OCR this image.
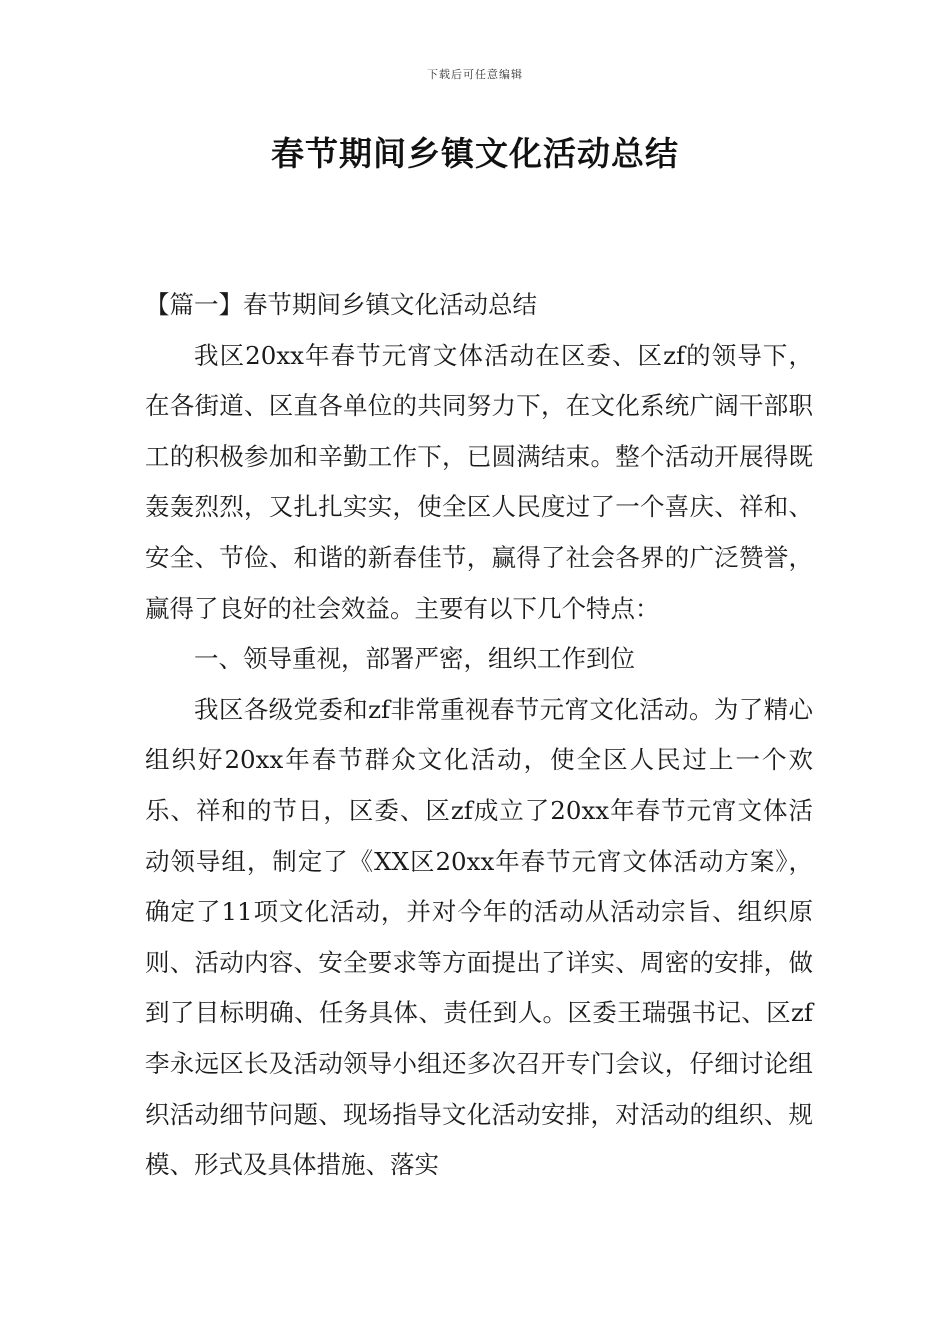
下载后可任意编辑
春节期间乡镇文化活动总结

【篇一】春节期间乡镇文化活动总结

我区20xx年春节元宵文体活动在区委、区zf的领导下，在各街道、区直各单位的共同努力下，在文化系统广阔干部职工的积极参加和辛勤工作下，已圆满结束。整个活动开展得既轰轰烈烈，又扎扎实实，使全区人民度过了一个喜庆、祥和、安全、节俭、和谐的新春佳节，赢得了社会各界的广泛赞誉，赢得了良好的社会效益。主要有以下几个特点：

一、领导重视，部署严密，组织工作到位

我区各级党委和zf非常重视春节元宵文化活动。为了精心组织好20xx年春节群众文化活动，使全区人民过上一个欢乐、祥和的节日，区委、区zf成立了20xx年春节元宵文体活动领导组，制定了《XX区20xx年春节元宵文体活动方案》，确定了11项文化活动，并对今年的活动从活动宗旨、组织原则、活动内容、安全要求等方面提出了详实、周密的安排，做到了目标明确、任务具体、责任到人。区委王瑞强书记、区zf李永远区长及活动领导小组还多次召开专门会议，仔细讨论组织活动细节问题、现场指导文化活动安排，对活动的组织、规模、形式及具体措施、落实
